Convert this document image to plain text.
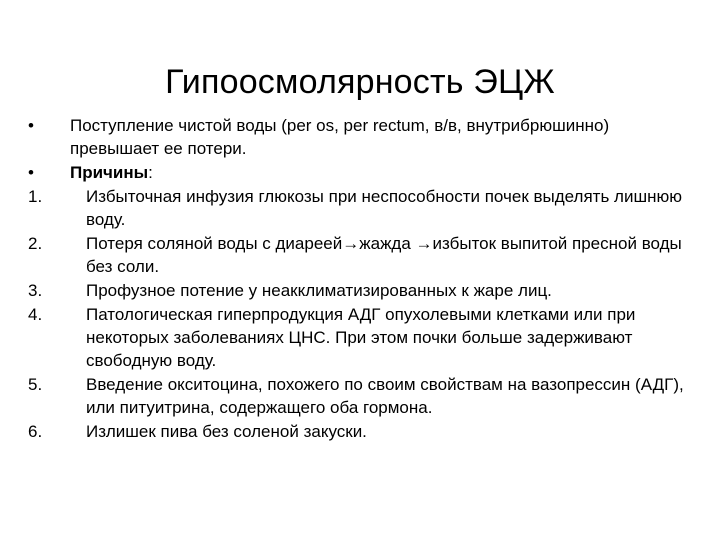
Гипоосмолярность ЭЦЖ
•	Поступление чистой воды (per os, per rectum, в/в, внутрибрюшинно) превышает ее потери.
•	Причины:
1.	Избыточная инфузия глюкозы при неспособности почек выделять лишнюю воду.
2.	Потеря соляной воды с диареей→жажда →избыток выпитой пресной воды без соли.
3.	Профузное потение у неакклиматизированных к жаре лиц.
4.	Патологическая гиперпродукция АДГ опухолевыми клетками или при некоторых заболеваниях ЦНС. При этом почки больше задерживают свободную воду.
5.	Введение окситоцина, похожего по своим свойствам на вазопрессин (АДГ), или питуитрина, содержащего оба гормона.
6.	Излишек пива без соленой закуски.
